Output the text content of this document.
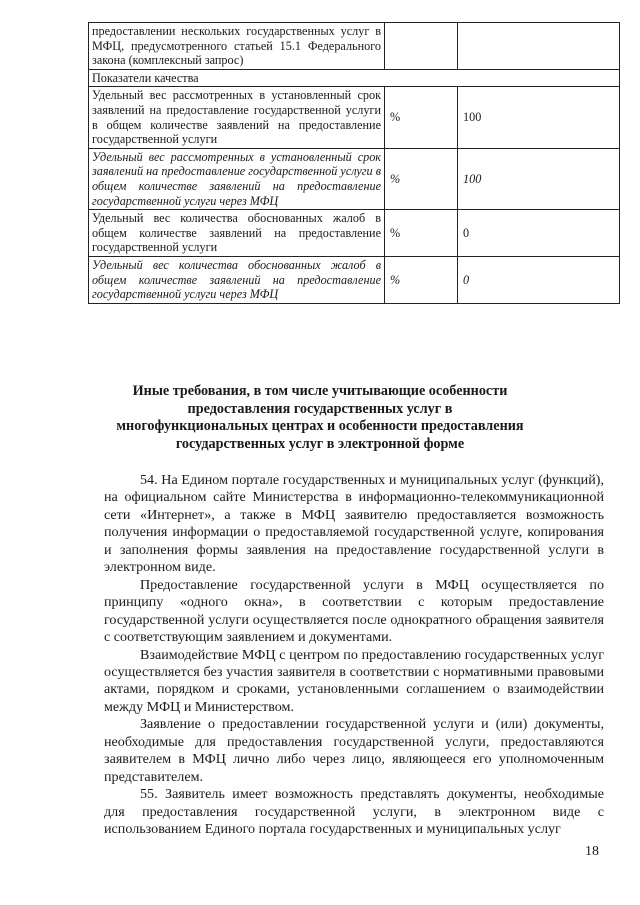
предоставлении нескольких государственных услуг в МФЦ, предусмотренного статьей 15.1 Федерального закона (комплексный запрос)		
Показатели качества		
Удельный вес рассмотренных в установленный срок заявлений на предоставление государственной услуги в общем количестве заявлений на предоставление государственной услуги	%	100
Удельный вес рассмотренных в установленный срок заявлений на предоставление государственной услуги в общем количестве заявлений на предоставление государственной услуги через МФЦ	%	100
Удельный вес количества обоснованных жалоб в общем количестве заявлений на предоставление государственной услуги	%	0
Удельный вес количества обоснованных жалоб в общем количестве заявлений на предоставление государственной услуги через МФЦ	%	0
Иные требования, в том числе учитывающие особенности предоставления государственных услуг в многофункциональных центрах и особенности предоставления государственных услуг в электронной форме

54. На Едином портале государственных и муниципальных услуг (функций), на официальном сайте Министерства в информационно-телекоммуникационной сети «Интернет», а также в МФЦ заявителю предоставляется возможность получения информации о предоставляемой государственной услуге, копирования и заполнения формы заявления на предоставление государственной услуги в электронном виде.

Предоставление государственной услуги в МФЦ осуществляется по принципу «одного окна», в соответствии с которым предоставление государственной услуги осуществляется после однократного обращения заявителя с соответствующим заявлением и документами.

Взаимодействие МФЦ с центром по предоставлению государственных услуг осуществляется без участия заявителя в соответствии с нормативными правовыми актами, порядком и сроками, установленными соглашением о взаимодействии между МФЦ и Министерством.

Заявление о предоставлении государственной услуги и (или) документы, необходимые для предоставления государственной услуги, предоставляются заявителем в МФЦ лично либо через лицо, являющееся его уполномоченным представителем.

55. Заявитель имеет возможность представлять документы, необходимые для предоставления государственной услуги, в электронном виде с использованием Единого портала государственных и муниципальных услуг

18
